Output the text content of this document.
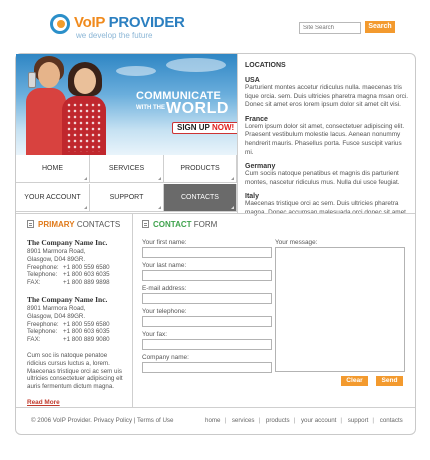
VoIP PROVIDER
we develop the future
Site Search
Search
COMMUNICATE
WITH THE WORLD
SIGN UP NOW!
HOME	SERVICES	PRODUCTS
YOUR ACCOUNT	SUPPORT	CONTACTS
LOCATIONS
USA
Parturient montes accetur ridiculus nulla. maecenas tris tique orcia. sem. Duis ultricies pharetra magna msan orci. Donec sit amet eros lorem ipsum dolor sit amet cilt visi.
France
Lorem ipsum dolor sit amet, consectetuer adipiscing elit. Praesent vestibulum molestie lacus. Aenean nonummy hendrerit mauris. Phasellus porta. Fusce suscipit varius mi.
Germany
Cum sociis natoque penatibus et magnis dis parturient montes, nascetur ridiculus mus. Nulla dui usce feugiat.
Italy
Maecenas tristique orci ac sem. Duis ultricies pharetra
PRIMARY CONTACTS
The Company Name Inc.
8901 Marmora Road,
Glasgow, D04 89GR.
Freephone: +1 800 559 6580
Telephone: +1 800 603 6035
FAX:	+1 800 889 9898
The Company Name Inc.
8901 Marmora Road,
Glasgow, D04 89GR.
Freephone: +1 800 559 6580
Telephone: +1 800 603 6035
FAX:	+1 800 889 9080
Cum soc iis natoque penatoe ridicius cursus luctus a, lorem. Maecenas tristique orci ac sem uis ultricies consectetuer adipiscing elt auris fermentum dictum magna.
Read More
CONTACT FORM
Your first name:
Your last name:
E-mail address:
Your telephone:
Your fax:
Company name:
Your message:
Clear	Send
© 2006 VoIP Provider. Privacy Policy | Terms of Use	home | services | products | your account | support | contacts
